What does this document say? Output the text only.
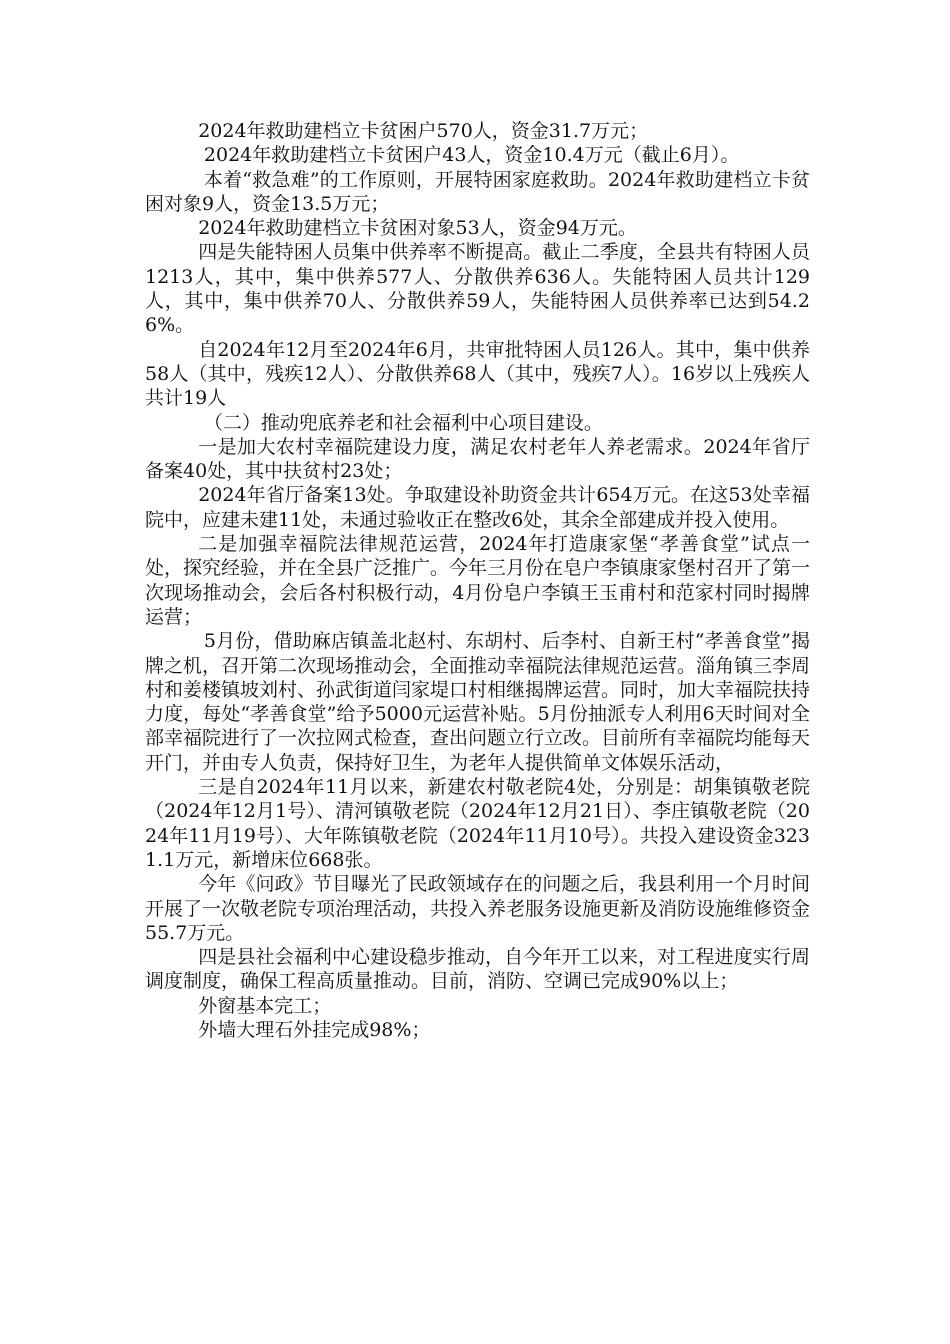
2024年救助建档立卡贫困户570人，资金31.7万元；

2024年救助建档立卡贫困户43人，资金10.4万元（截止6月）。

本着“救急难”的工作原则，开展特困家庭救助。2024年救助建档立卡贫困对象9人，资金13.5万元；

2024年救助建档立卡贫困对象53人，资金94万元。

四是失能特困人员集中供养率不断提高。截止二季度，全县共有特困人员1213人，其中，集中供养577人、分散供养636人。失能特困人员共计129人，其中，集中供养70人、分散供养59人，失能特困人员供养率已达到54.26%。

自2024年12月至2024年6月，共审批特困人员126人。其中，集中供养58人（其中，残疾12人）、分散供养68人（其中，残疾7人）。16岁以上残疾人共计19人

（二）推动兜底养老和社会福利中心项目建设。

一是加大农村幸福院建设力度，满足农村老年人养老需求。2024年省厅备案40处，其中扶贫村23处；

2024年省厅备案13处。争取建设补助资金共计654万元。在这53处幸福院中，应建未建11处，未通过验收正在整改6处，其余全部建成并投入使用。

二是加强幸福院法律规范运营，2024年打造康家堡“孝善食堂”试点一处，探究经验，并在全县广泛推广。今年三月份在皂户李镇康家堡村召开了第一次现场推动会，会后各村积极行动，4月份皂户李镇王玉甫村和范家村同时揭牌运营；

5月份，借助麻店镇盖北赵村、东胡村、后李村、自新王村“孝善食堂”揭牌之机，召开第二次现场推动会，全面推动幸福院法律规范运营。淄角镇三李周村和姜楼镇坡刘村、孙武街道闫家堤口村相继揭牌运营。同时，加大幸福院扶持力度，每处“孝善食堂”给予5000元运营补贴。5月份抽派专人利用6天时间对全部幸福院进行了一次拉网式检查，查出问题立行立改。目前所有幸福院均能每天开门，并由专人负责，保持好卫生，为老年人提供简单文体娱乐活动，

三是自2024年11月以来，新建农村敬老院4处，分别是：胡集镇敬老院（2024年12月1号）、清河镇敬老院（2024年12月21日）、李庄镇敬老院（2024年11月19号）、大年陈镇敬老院（2024年11月10号）。共投入建设资金3231.1万元，新增床位668张。

今年《问政》节目曝光了民政领域存在的问题之后，我县利用一个月时间开展了一次敬老院专项治理活动，共投入养老服务设施更新及消防设施维修资金55.7万元。

四是县社会福利中心建设稳步推动，自今年开工以来，对工程进度实行周调度制度，确保工程高质量推动。目前，消防、空调已完成90%以上；

外窗基本完工；

外墙大理石外挂完成98%；
